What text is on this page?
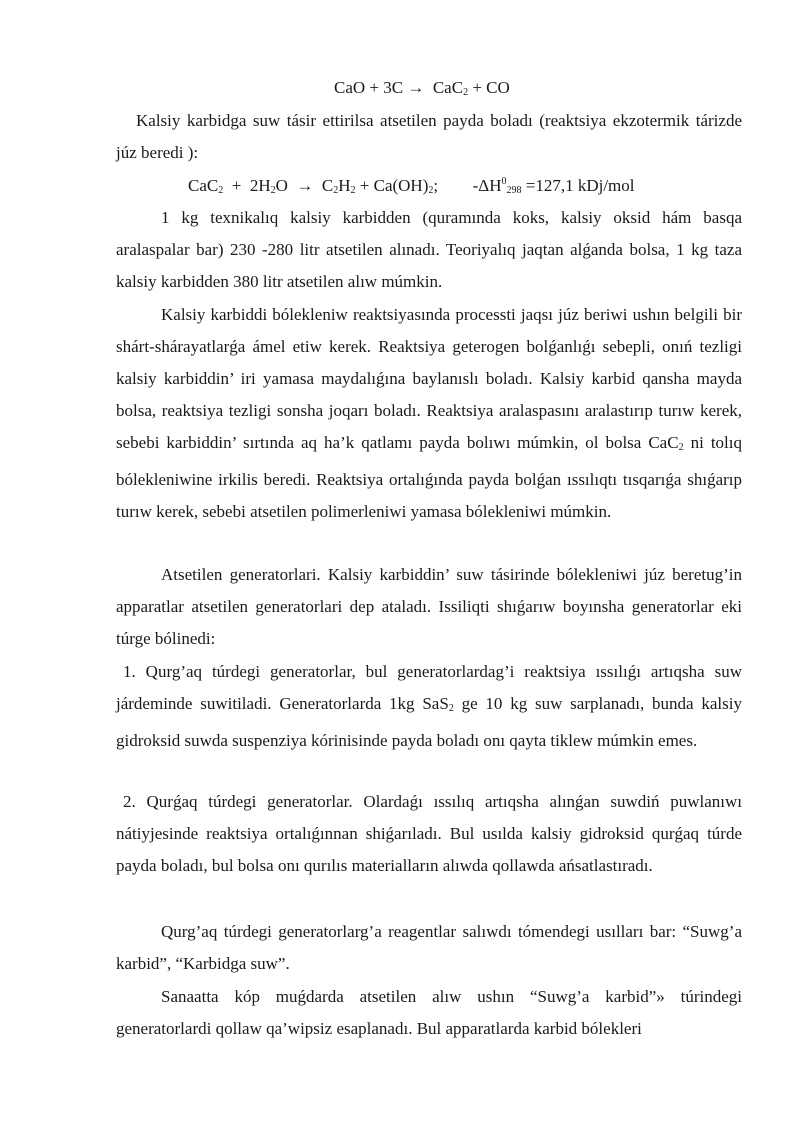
CaO + 3C → CaC$_2$ + CO
Kalsiy karbidga suw tásir ettirilsa atsetilen payda boladı (reaktsiya ekzotermik tárizde júz beredi ):
$CaC_2 + 2H_2O \to C_2H_2 + Ca(OH)_2$; $-\Delta H^0_{298} =127,1$ kDj/mol
1 kg texnikalıq kalsiy karbidden (quramında koks, kalsiy oksid hám basqa aralaspalar bar) 230 -280 litr atsetilen alınadı. Teoriyalıq jaqtan alǵanda bolsa, 1 kg taza kalsiy karbidden 380 litr atsetilen alıw múmkin.
Kalsiy karbiddi bólekleniw reaktsiyasında processti jaqsı júz beriwi ushın belgili bir shárt-shárayatlarǵa ámel etiw kerek. Reaktsiya geterogen bolǵanlıǵı sebepli, onıń tezligi kalsiy karbiddin’ iri yamasa maydalıǵına baylanıslı boladı. Kalsiy karbid qansha mayda bolsa, reaktsiya tezligi sonsha joqarı boladı. Reaktsiya aralaspasını aralastırıp turıw kerek, sebebi karbiddin’ sırtında aq ha’k qatlamı payda bolıwı múmkin, ol bolsa CaC$_2$ ni tolıq bólekleniwine irkilis beredi. Reaktsiya ortalıǵında payda bolǵan ıssılıqtı tısqarıǵa shıǵarıp turıw kerek, sebebi atsetilen polimerleniwi yamasa bólekleniwi múmkin.
Atsetilen generatorlari. Kalsiy karbiddin’ suw tásirinde bólekleniwi júz beretug’in apparatlar atsetilen generatorlari dep ataladı. Issiliqti shıǵarıw boyınsha generatorlar eki túrge bólinedi:
1. Qurg’aq túrdegi generatorlar, bul generatorlardag’i reaktsiya ıssılıǵı artıqsha suw járdeminde suwitiladi. Generatorlarda 1kg SaS$_2$ ge 10 kg suw sarplanadı, bunda kalsiy gidroksid suwda suspenziya kórinisinde payda boladı onı qayta tiklew múmkin emes.
2. Qurǵaq túrdegi generatorlar. Olardaǵı ıssılıq artıqsha alınǵan suwdiń puwlanıwı nátiyjesinde reaktsiya ortalıǵınnan shiǵarıladı. Bul usılda kalsiy gidroksid qurǵaq túrde payda boladı, bul bolsa onı qurılıs materialların alıwda qollawda ańsatlastıradı.
Qurg’aq túrdegi generatorlarg’a reagentlar salıwdı tómendegi usılları bar: “Suwg’a karbid”, “Karbidga suw”.
Sanaatta kóp muǵdarda atsetilen alıw ushın “Suwg’a karbid”» túrindegi generatorlardi qollaw qa’wipsiz esaplanadı. Bul apparatlarda karbid bólekleri
